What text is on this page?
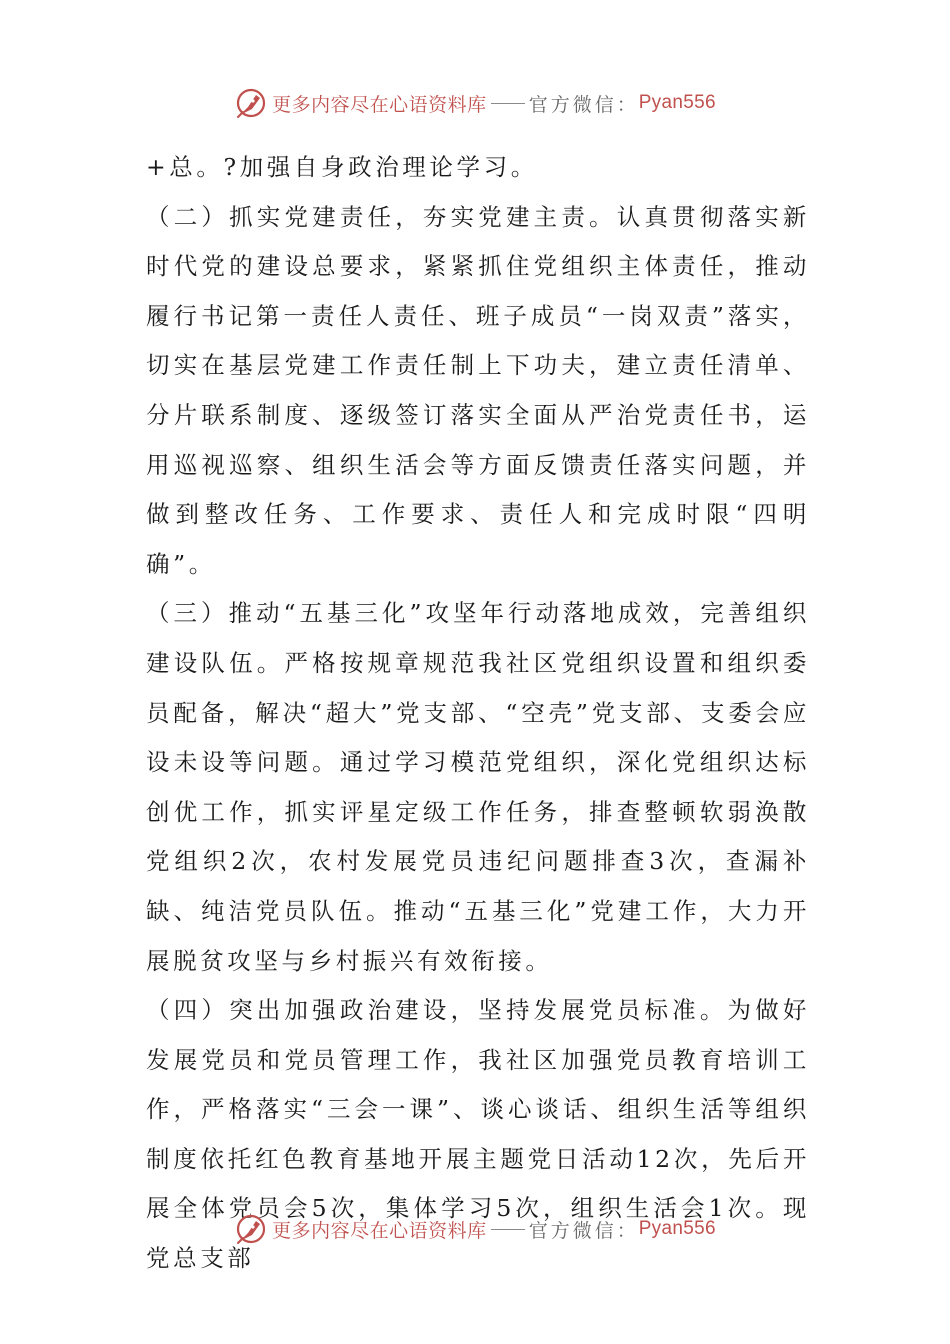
更多内容尽在心语资料库 官方微信： Pyan556

+总。?加强自身政治理论学习。

（二）抓实党建责任，夯实党建主责。认真贯彻落实新时代党的建设总要求，紧紧抓住党组织主体责任，推动履行书记第一责任人责任、班子成员“一岗双责”落实，切实在基层党建工作责任制上下功夫，建立责任清单、分片联系制度、逐级签订落实全面从严治党责任书，运用巡视巡察、组织生活会等方面反馈责任落实问题，并做到整改任务、工作要求、责任人和完成时限“四明确”。

（三）推动“五基三化”攻坚年行动落地成效，完善组织建设队伍。严格按规章规范我社区党组织设置和组织委员配备，解决“超大”党支部、“空壳”党支部、支委会应设未设等问题。通过学习模范党组织，深化党组织达标创优工作，抓实评星定级工作任务，排查整顿软弱涣散党组织2次，农村发展党员违纪问题排查3次，查漏补缺、纯洁党员队伍。推动“五基三化”党建工作，大力开展脱贫攻坚与乡村振兴有效衔接。

（四）突出加强政治建设，坚持发展党员标准。为做好发展党员和党员管理工作，我社区加强党员教育培训工作，严格落实“三会一课”、谈心谈话、组织生活等组织制度依托红色教育基地开展主题党日活动12次，先后开展全体党员会5次，集体学习5次，组织生活会1次。现党总支部

更多内容尽在心语资料库 官方微信： Pyan556
